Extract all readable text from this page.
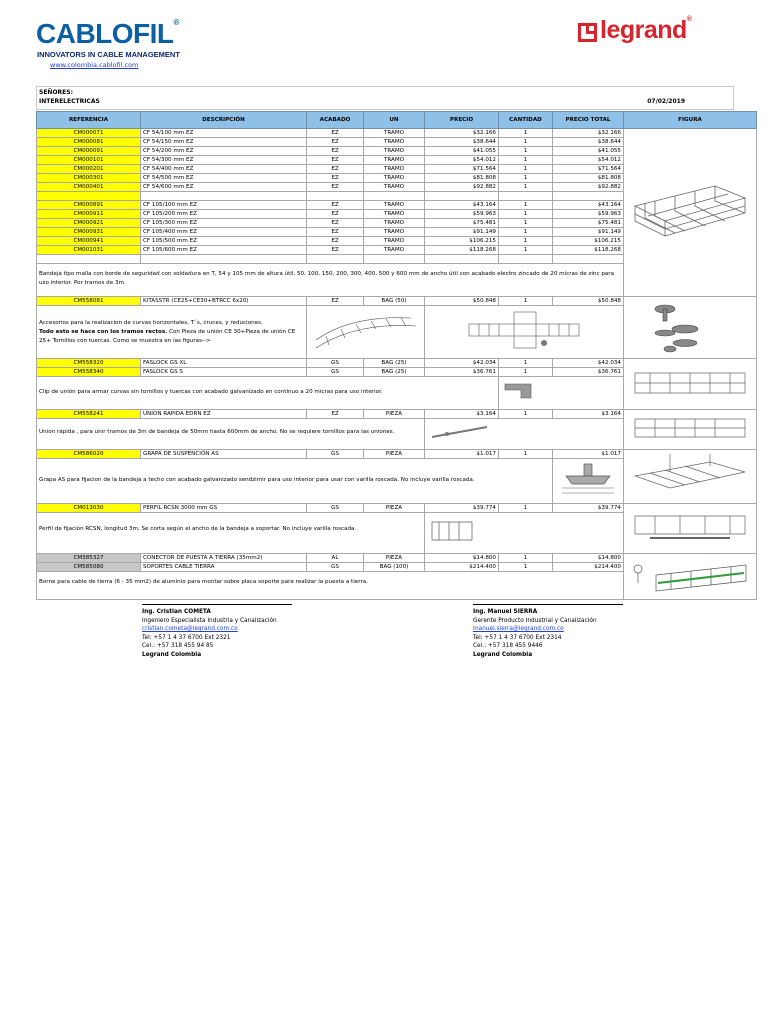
CABLOFIL®
INNOVATORS IN CABLE MANAGEMENT
www.colombia.cablofil.com
legrand®
SEÑORES:
INTERELECTRICAS	07/02/2019
REFERENCIA	DESCRIPCIÓN	ACABADO	UN	PRECIO	CANTIDAD	PRECIO TOTAL	FIGURA
CM000071	CF 54/100 mm EZ	EZ	TRAMO	$32.166	1	$32.166	
CM000081	CF 54/150 mm EZ	EZ	TRAMO	$38.644	1	$38.644	
CM000091	CF 54/200 mm EZ	EZ	TRAMO	$41.055	1	$41.055	
CM000101	CF 54/300 mm EZ	EZ	TRAMO	$54.012	1	$54.012	
CM000201	CF 54/400 mm EZ	EZ	TRAMO	$71.564	1	$71.564	
CM000301	CF 54/500 mm EZ	EZ	TRAMO	$81.808	1	$81.808	
CM000401	CF 54/600 mm EZ	EZ	TRAMO	$92.882	1	$92.882	

CM000891	CF 105/100 mm EZ	EZ	TRAMO	$43.164	1	$43.164	
CM000911	CF 105/200 mm EZ	EZ	TRAMO	$59.963	1	$59.963	
CM000921	CF 105/300 mm EZ	EZ	TRAMO	$75.481	1	$75.481	
CM000931	CF 105/400 mm EZ	EZ	TRAMO	$91.149	1	$91.149	
CM000941	CF 105/500 mm EZ	EZ	TRAMO	$106.215	1	$106.215	
CM001031	CF 105/600 mm EZ	EZ	TRAMO	$118.268	1	$118.268	

Bandeja tipo malla con borde de seguridad con soldadura en T, 54 y 105 mm de altura útil, 50, 100, 150, 200, 300, 400, 500 y 600 mm de ancho útil con acabado electro zincado de 20 micras de zinc para uso interior. Por tramos de 3m.							
CM558081	KITASSTR (CE25+CE30+BTRCC 6x20)	EZ	BAG (50)	$50.848	1	$50.848	
Accesorios para la realizacion de curvas horizontales, T´s, cruces, y reduciones.
Todo esto se hace con los tramos rectos. Con Pieza de unión CE 30+Pieza de unión CE 25+ Tornillos con tuercas. Como se muestra en las figuras-->		
CM558320	FASLOCK GS XL	GS	BAG (25)	$42.034	1	$42.034	
CM558340	FASLOCK GS S	GS	BAG (25)	$36.761	1	$36.761	
Clip de unión para armar curvas sin tornillos y tuercas con acabado galvanizado en continuo a 20 micras para uso interior.	
CM558241	UNION RAPIDA EDRN EZ	EZ	PIEZA	$3.164	1	$3.164	
Union rápida , para unir tramos de 3m de bandeja de 50mm hasta 600mm de ancho. No se requiere tornillos para las uniones.	
CM586020	GRAPA DE SUSPENCIÓN AS	GS	PIEZA	$1.017	1	$1.017	
Grapa AS para fijacion de la bandeja a techo con acabado galvanizado sendzimir para uso interior para usar con varilla roscada. No incluye varilla roscada.	
CM013030	PERFIL RCSN 3000 mm GS	GS	PIEZA	$39.774	1	$39.774	
Perfil de fijación RCSN, longitud 3m. Se corta según el ancho de la bandeja a soportar. No incluye varilla roscada.	
CM385327	CONECTOR DE PUESTA A TIERRA (35mm2)	AL	PIEZA	$14.800	1	$14.800	
CM585080	SOPORTES CABLE TIERRA	GS	BAG (100)	$214.400	1	$214.400	
Borne para cable de tierra (6 - 35 mm2) de aluminio para montar sobre placa soporte para realizar la puesta a tierra.							
Ing. Cristian COMETA
Ingeniero Especialista Industria y Canalización
cristian.cometa@legrand.com.co
Tel: +57 1 4 37 6700 Ext 2321
Cel.: +57 318 455 94 85
Legrand Colombia
Ing. Manuel SIERRA
Gerente Producto Industrial y Canalización
manuel.sierra@legrand.com.co
Tel: +57 1 4 37 6700 Ext 2314
Cel.: +57 318 455 9446
Legrand Colombia
